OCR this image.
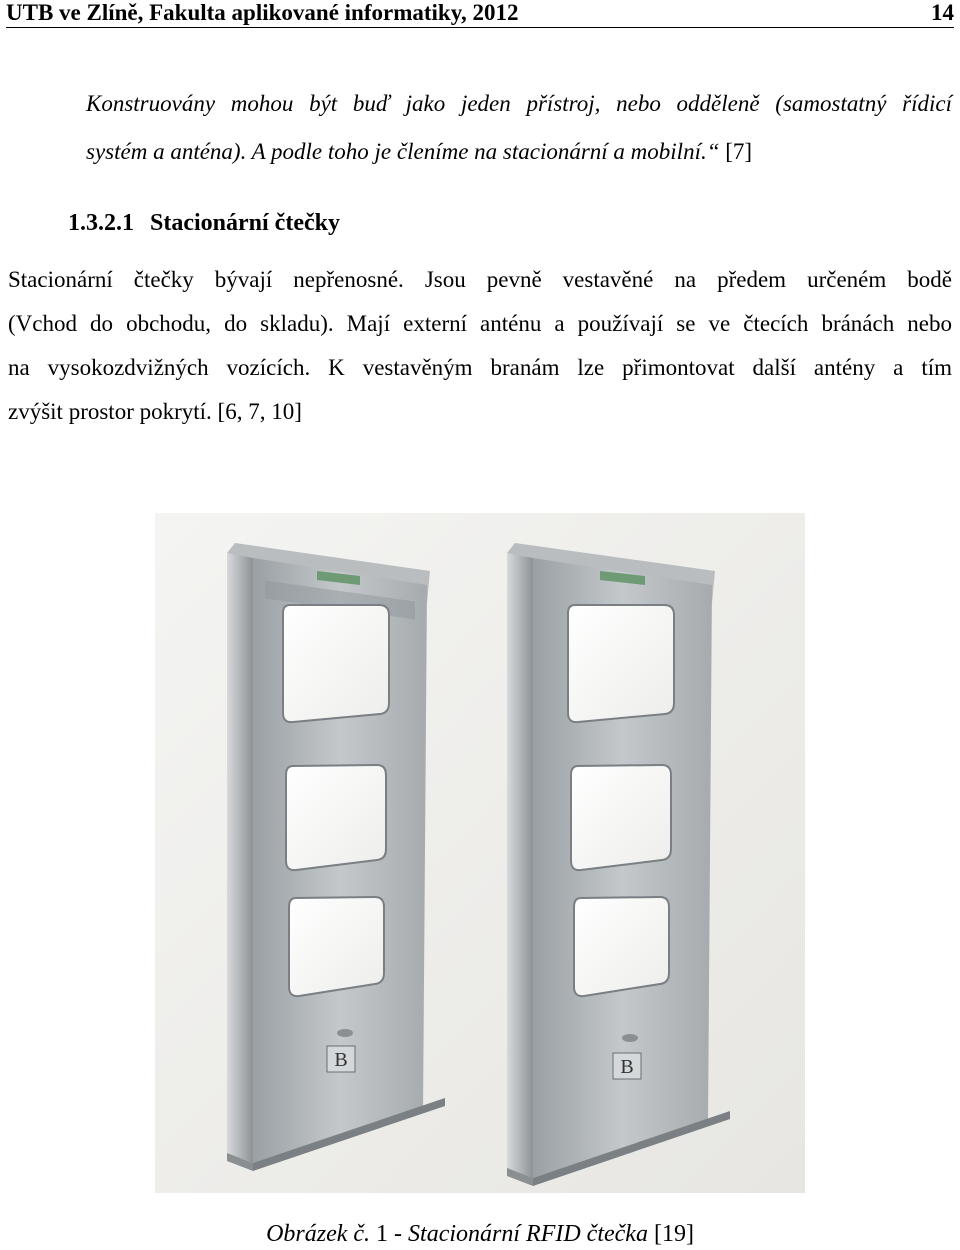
UTB ve Zlíně, Fakulta aplikované informatiky, 2012	14
Konstruovány mohou být buď jako jeden přístroj, nebo odděleně (samostatný řídicí
systém a anténa). A podle toho je členíme na stacionární a mobilní.“ [7]
1.3.2.1 Stacionární čtečky
Stacionární čtečky bývají nepřenosné. Jsou pevně vestavěné na předem určeném bodě
(Vchod do obchodu, do skladu). Mají externí anténu a používají se ve čtecích bránách nebo
na vysokozdvižných vozících. K vestavěným branám lze přimontovat další antény a tím
zvýšit prostor pokrytí. [6, 7, 10]
B	B
Obrázek č. 1 - Stacionární RFID čtečka [19]
